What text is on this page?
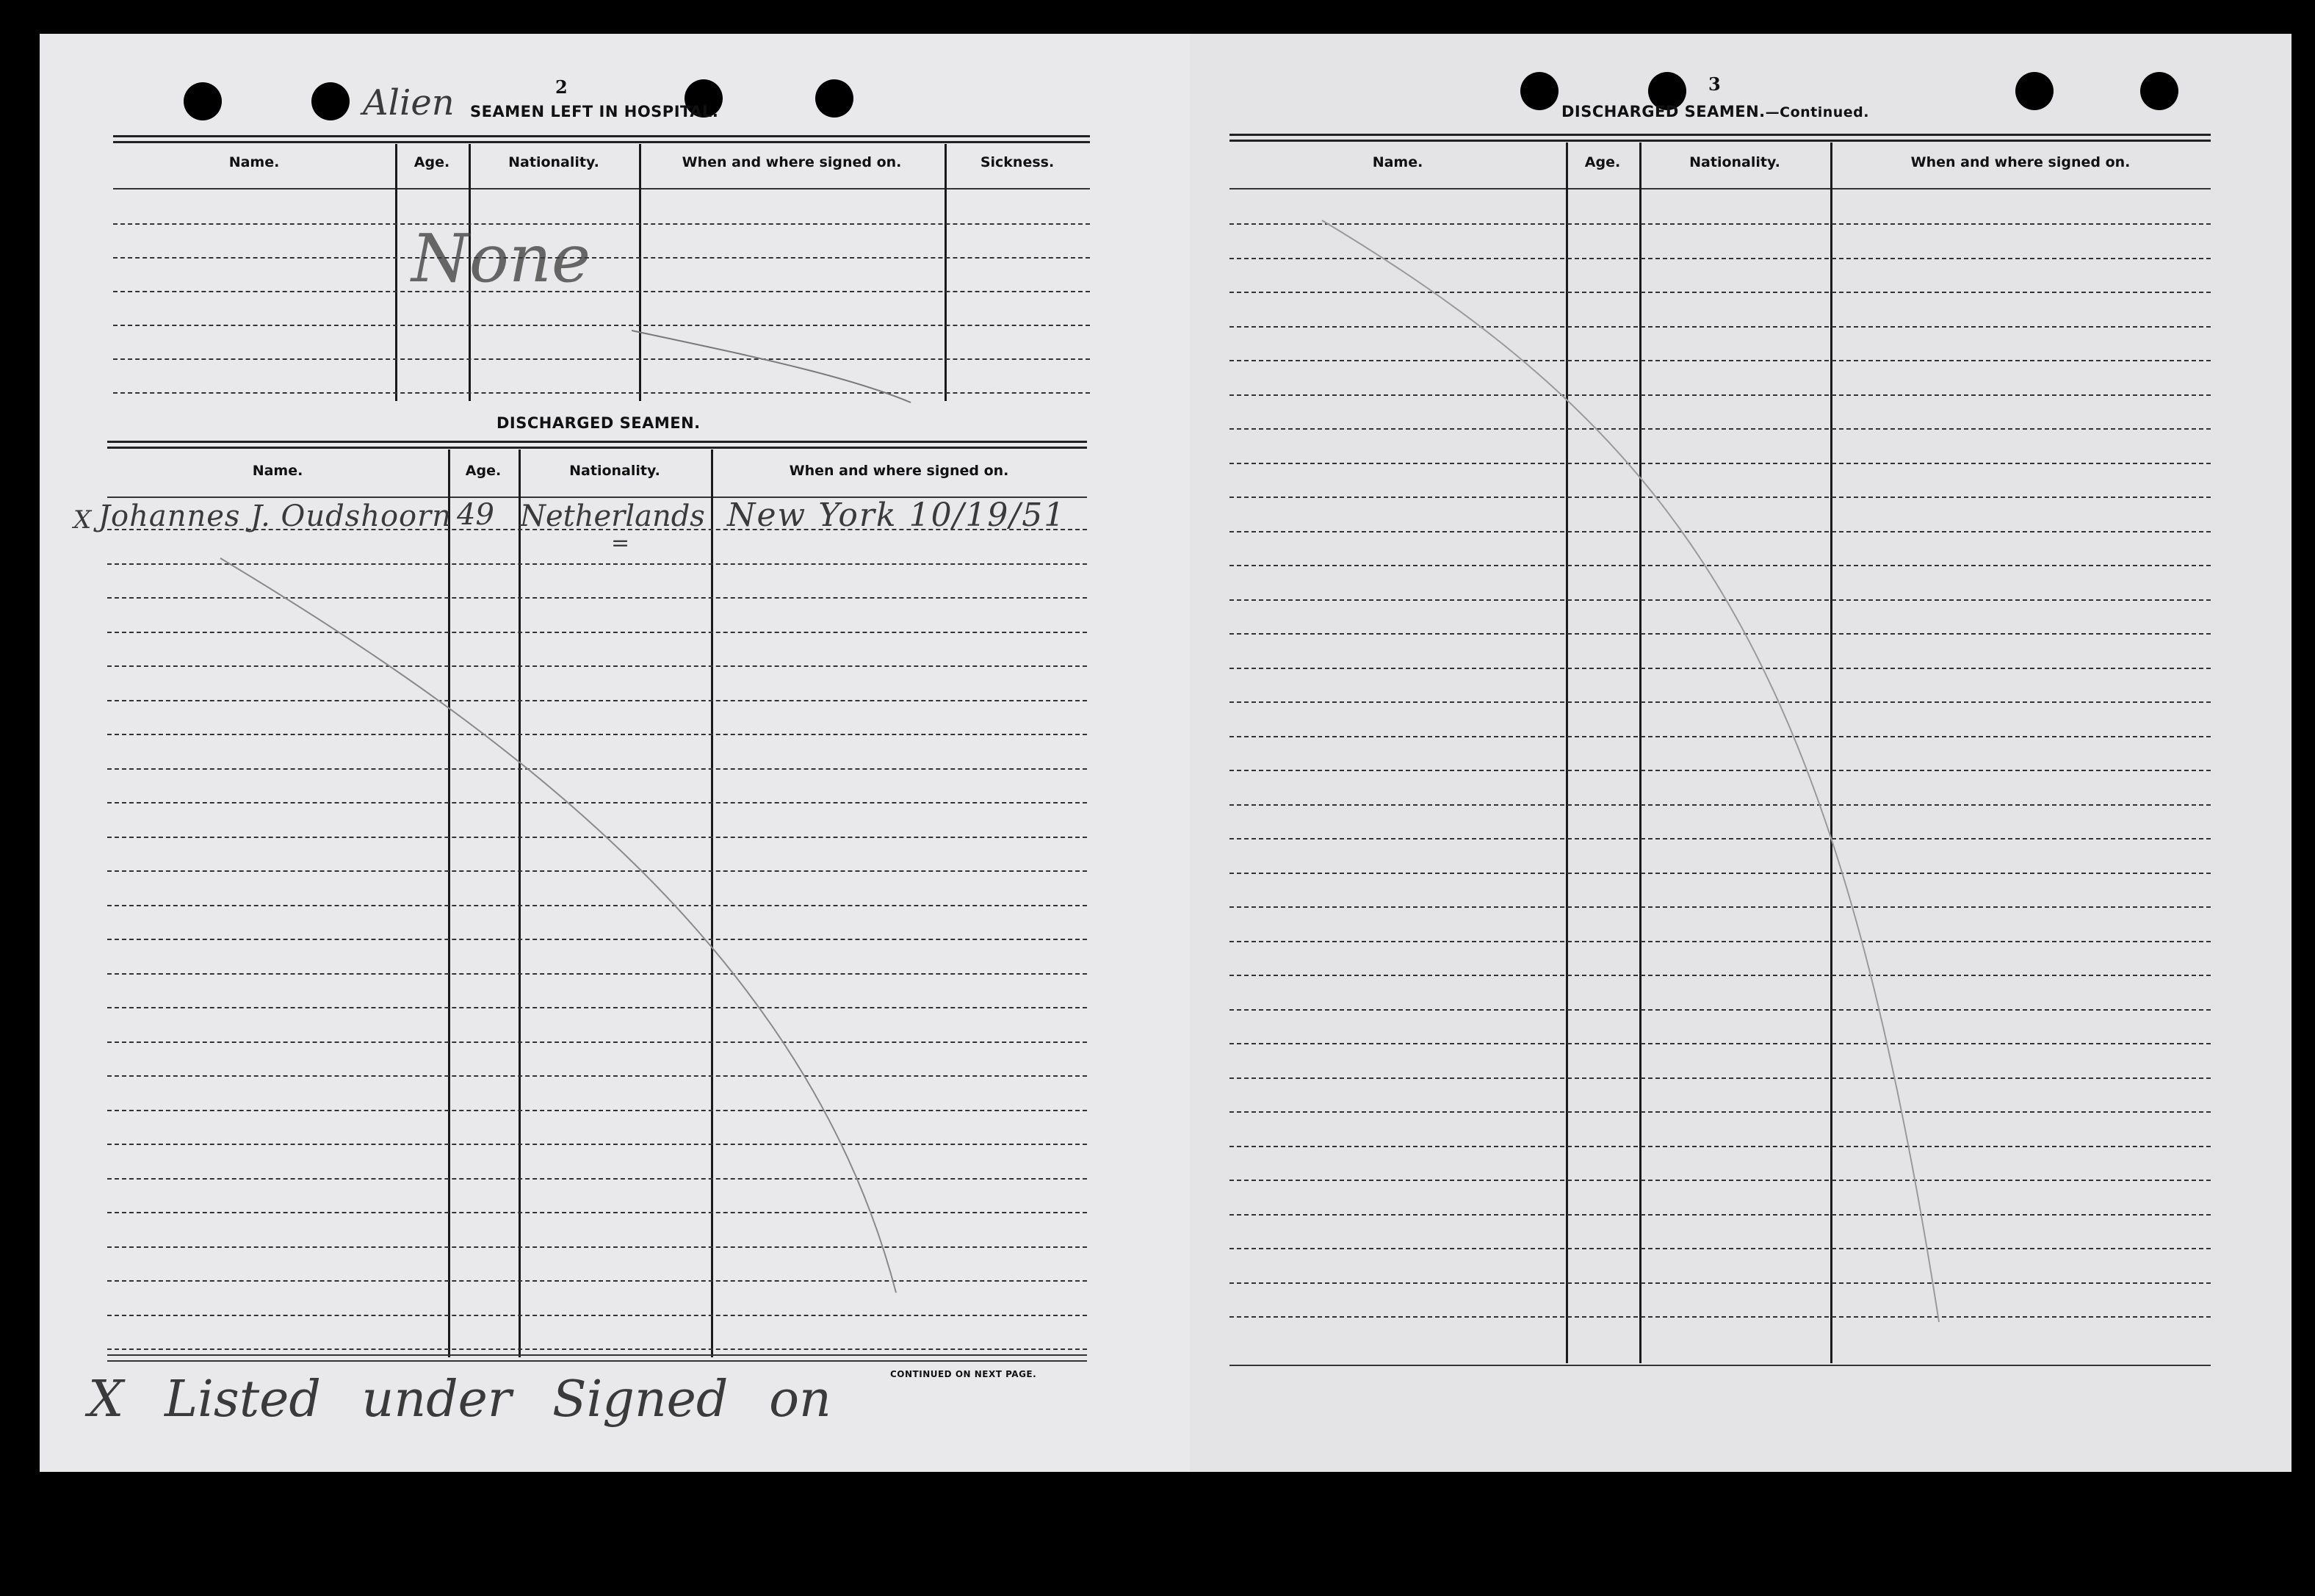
2
Alien SEAMEN LEFT IN HOSPITAL.
Name.	Age.	Nationality.	When and where signed on.	Sickness.
None
DISCHARGED SEAMEN.
Name.	Age.	Nationality.	When and where signed on.
X Johannes J. Oudshoorn 49 Netherlands New York 10/19/51
=
CONTINUED ON NEXT PAGE.
X Listed under Signed on
3
DISCHARGED SEAMEN.—Continued.
Name.	Age.	Nationality.	When and where signed on.
